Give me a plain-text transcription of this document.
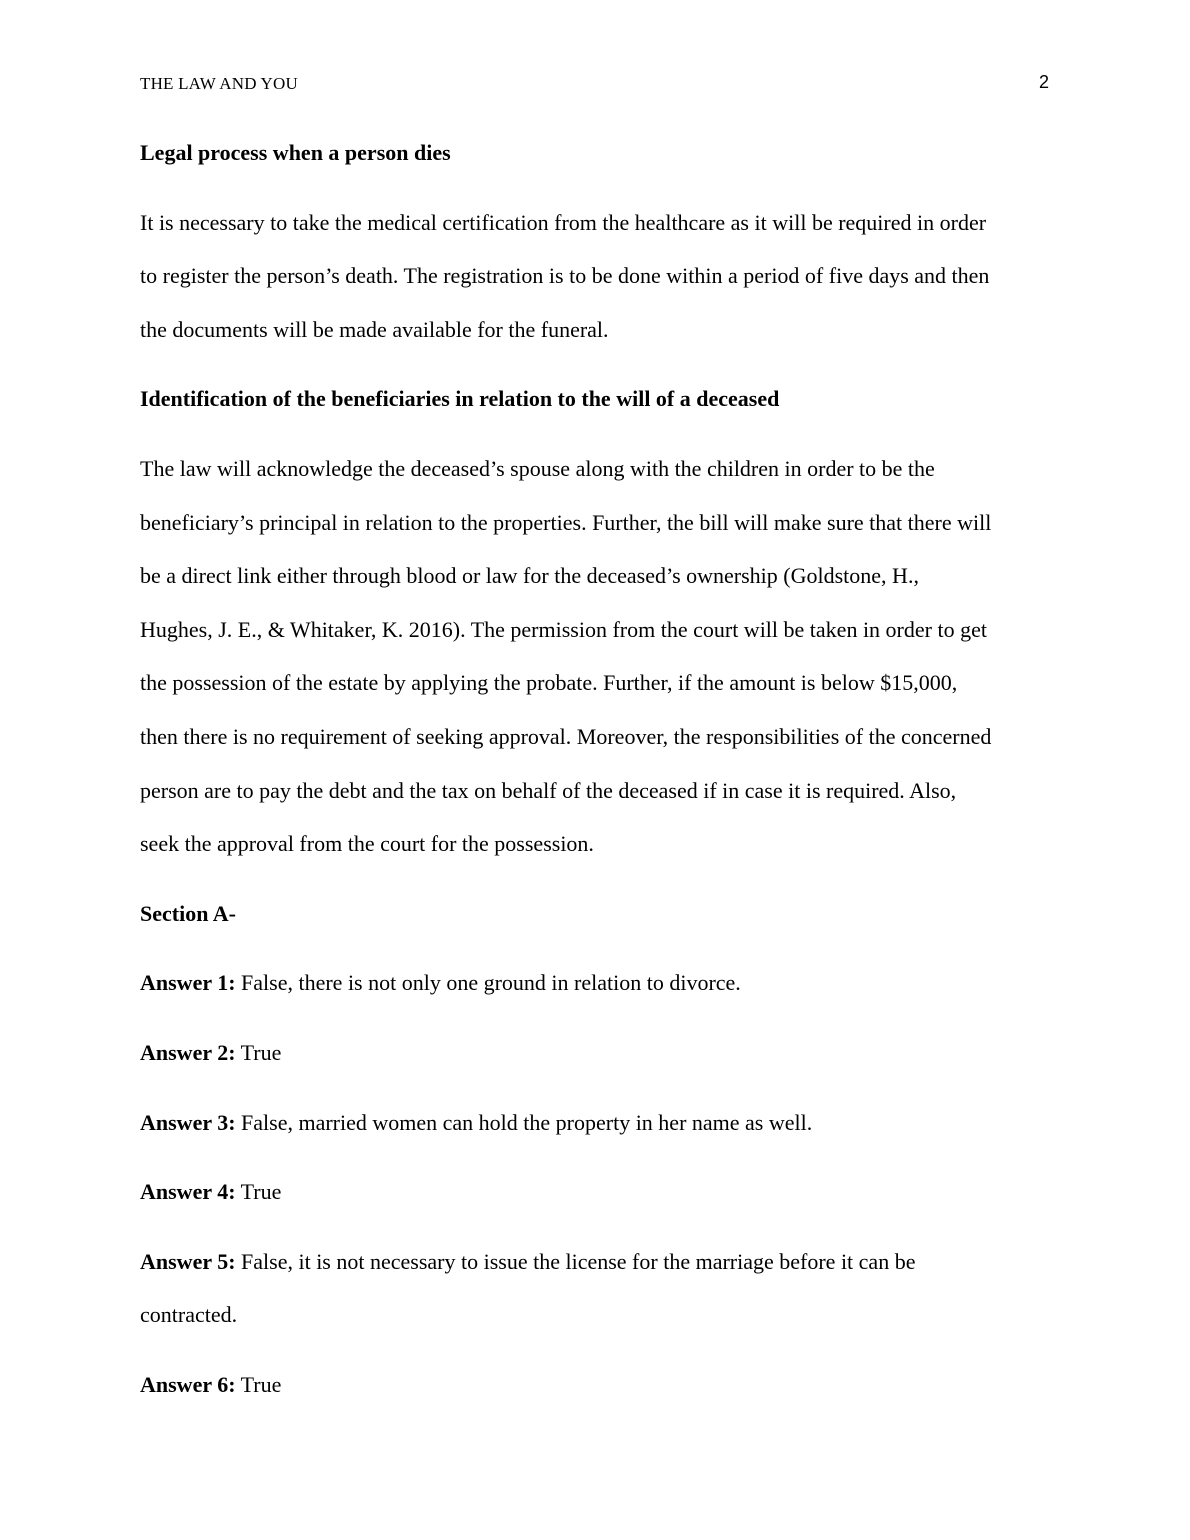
THE LAW AND YOU	2
Legal process when a person dies
It is necessary to take the medical certification from the healthcare as it will be required in order
to register the person’s death. The registration is to be done within a period of five days and then
the documents will be made available for the funeral.
Identification of the beneficiaries in relation to the will of a deceased
The law will acknowledge the deceased’s spouse along with the children in order to be the
beneficiary’s principal in relation to the properties. Further, the bill will make sure that there will
be a direct link either through blood or law for the deceased’s ownership (Goldstone, H.,
Hughes, J. E., & Whitaker, K. 2016). The permission from the court will be taken in order to get
the possession of the estate by applying the probate. Further, if the amount is below $15,000,
then there is no requirement of seeking approval. Moreover, the responsibilities of the concerned
person are to pay the debt and the tax on behalf of the deceased if in case it is required. Also,
seek the approval from the court for the possession.
Section A-
Answer 1: False, there is not only one ground in relation to divorce.
Answer 2: True
Answer 3: False, married women can hold the property in her name as well.
Answer 4: True
Answer 5: False, it is not necessary to issue the license for the marriage before it can be
contracted.
Answer 6: True
